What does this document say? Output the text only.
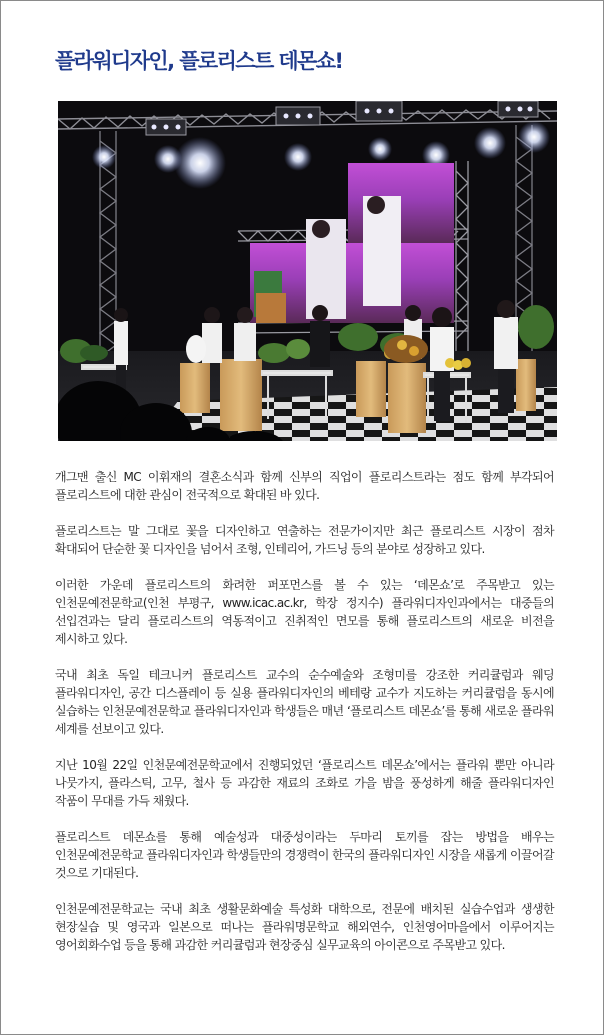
플라워디자인, 플로리스트 데몬쇼!

개그맨 출신 MC 이휘재의 결혼소식과 함께 신부의 직업이 플로리스트라는 점도 함께 부각되어 플로리스트에 대한 관심이 전국적으로 확대된 바 있다.

플로리스트는 말 그대로 꽃을 디자인하고 연출하는 전문가이지만 최근 플로리스트 시장이 점차 확대되어 단순한 꽃 디자인을 넘어서 조형, 인테리어, 가드닝 등의 분야로 성장하고 있다.

이러한 가운데 플로리스트의 화려한 퍼포먼스를 볼 수 있는 ‘데몬쇼’로 주목받고 있는 인천문예전문학교(인천 부평구, www.icac.ac.kr, 학장 정지수) 플라워디자인과에서는 대중들의 선입견과는 달리 플로리스트의 역동적이고 진취적인 면모를 통해 플로리스트의 새로운 비전을 제시하고 있다.

국내 최초 독일 테크니커 플로리스트 교수의 순수예술와 조형미를 강조한 커리큘럼과 웨딩 플라워디자인, 공간 디스플레이 등 실용 플라워디자인의 베테랑 교수가 지도하는 커리큘럼을 동시에 실습하는 인천문예전문학교 플라워디자인과 학생들은 매년 ‘플로리스트 데몬쇼’를 통해 새로운 플라워 세계를 선보이고 있다.

지난 10월 22일 인천문예전문학교에서 진행되었던 ‘플로리스트 데몬쇼’에서는 플라워 뿐만 아니라 나뭇가지, 플라스틱, 고무, 철사 등 과감한 재료의 조화로 가을 밤을 풍성하게 해줄 플라워디자인 작품이 무대를 가득 채웠다.

플로리스트 데몬쇼를 통해 예술성과 대중성이라는 두마리 토끼를 잡는 방법을 배우는 인천문예전문학교 플라워디자인과 학생들만의 경쟁력이 한국의 플라워디자인 시장을 새롭게 이끌어갈 것으로 기대된다.

인천문예전문학교는 국내 최초 생활문화예술 특성화 대학으로, 전문에 배치된 실습수업과 생생한 현장실습 및 영국과 일본으로 떠나는 플라워명문학교 해외연수, 인천영어마을에서 이루어지는 영어회화수업 등을 통해 과감한 커리큘럼과 현장중심 실무교육의 아이콘으로 주목받고 있다.
